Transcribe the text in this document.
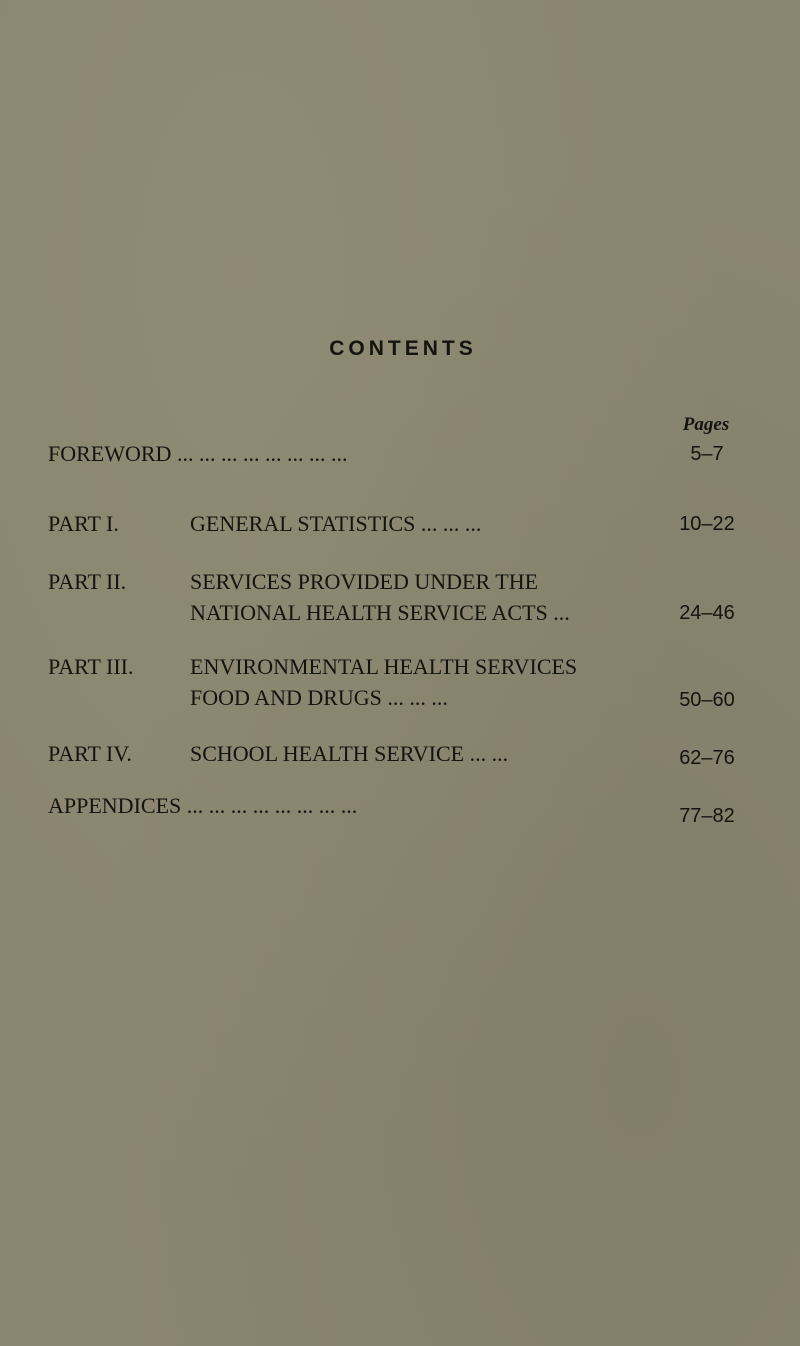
CONTENTS
Pages
FOREWORD ... ... ... ... ... ... ... ...	5–7
PART I.	GENERAL STATISTICS ... ... ...	10–22
PART II.	SERVICES PROVIDED UNDER THE
NATIONAL HEALTH SERVICE ACTS ...	24–46
PART III.	ENVIRONMENTAL HEALTH SERVICES
FOOD AND DRUGS ... ... ...	50–60
PART IV.	SCHOOL HEALTH SERVICE ... ...	62–76
APPENDICES ... ... ... ... ... ... ... ...	77–82
